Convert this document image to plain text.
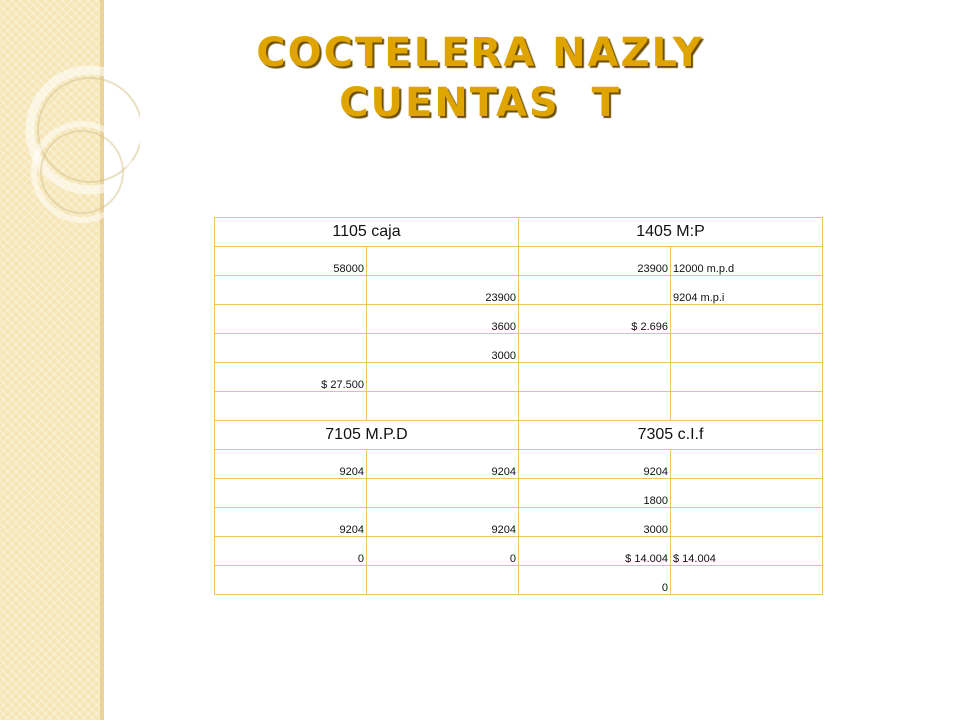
COCTELERA NAZLY
CUENTAS  T
1105 caja		1405 M:P	
58000		23900	12000 m.p.d
	23900		9204 m.p.i
	3600	$ 2.696	
	3000		
$ 27.500			

7105 M.P.D		7305 c.I.f	
9204	9204	9204	
		1800	
9204	9204	3000	
0	0	$ 14.004	$ 14.004
		0	
